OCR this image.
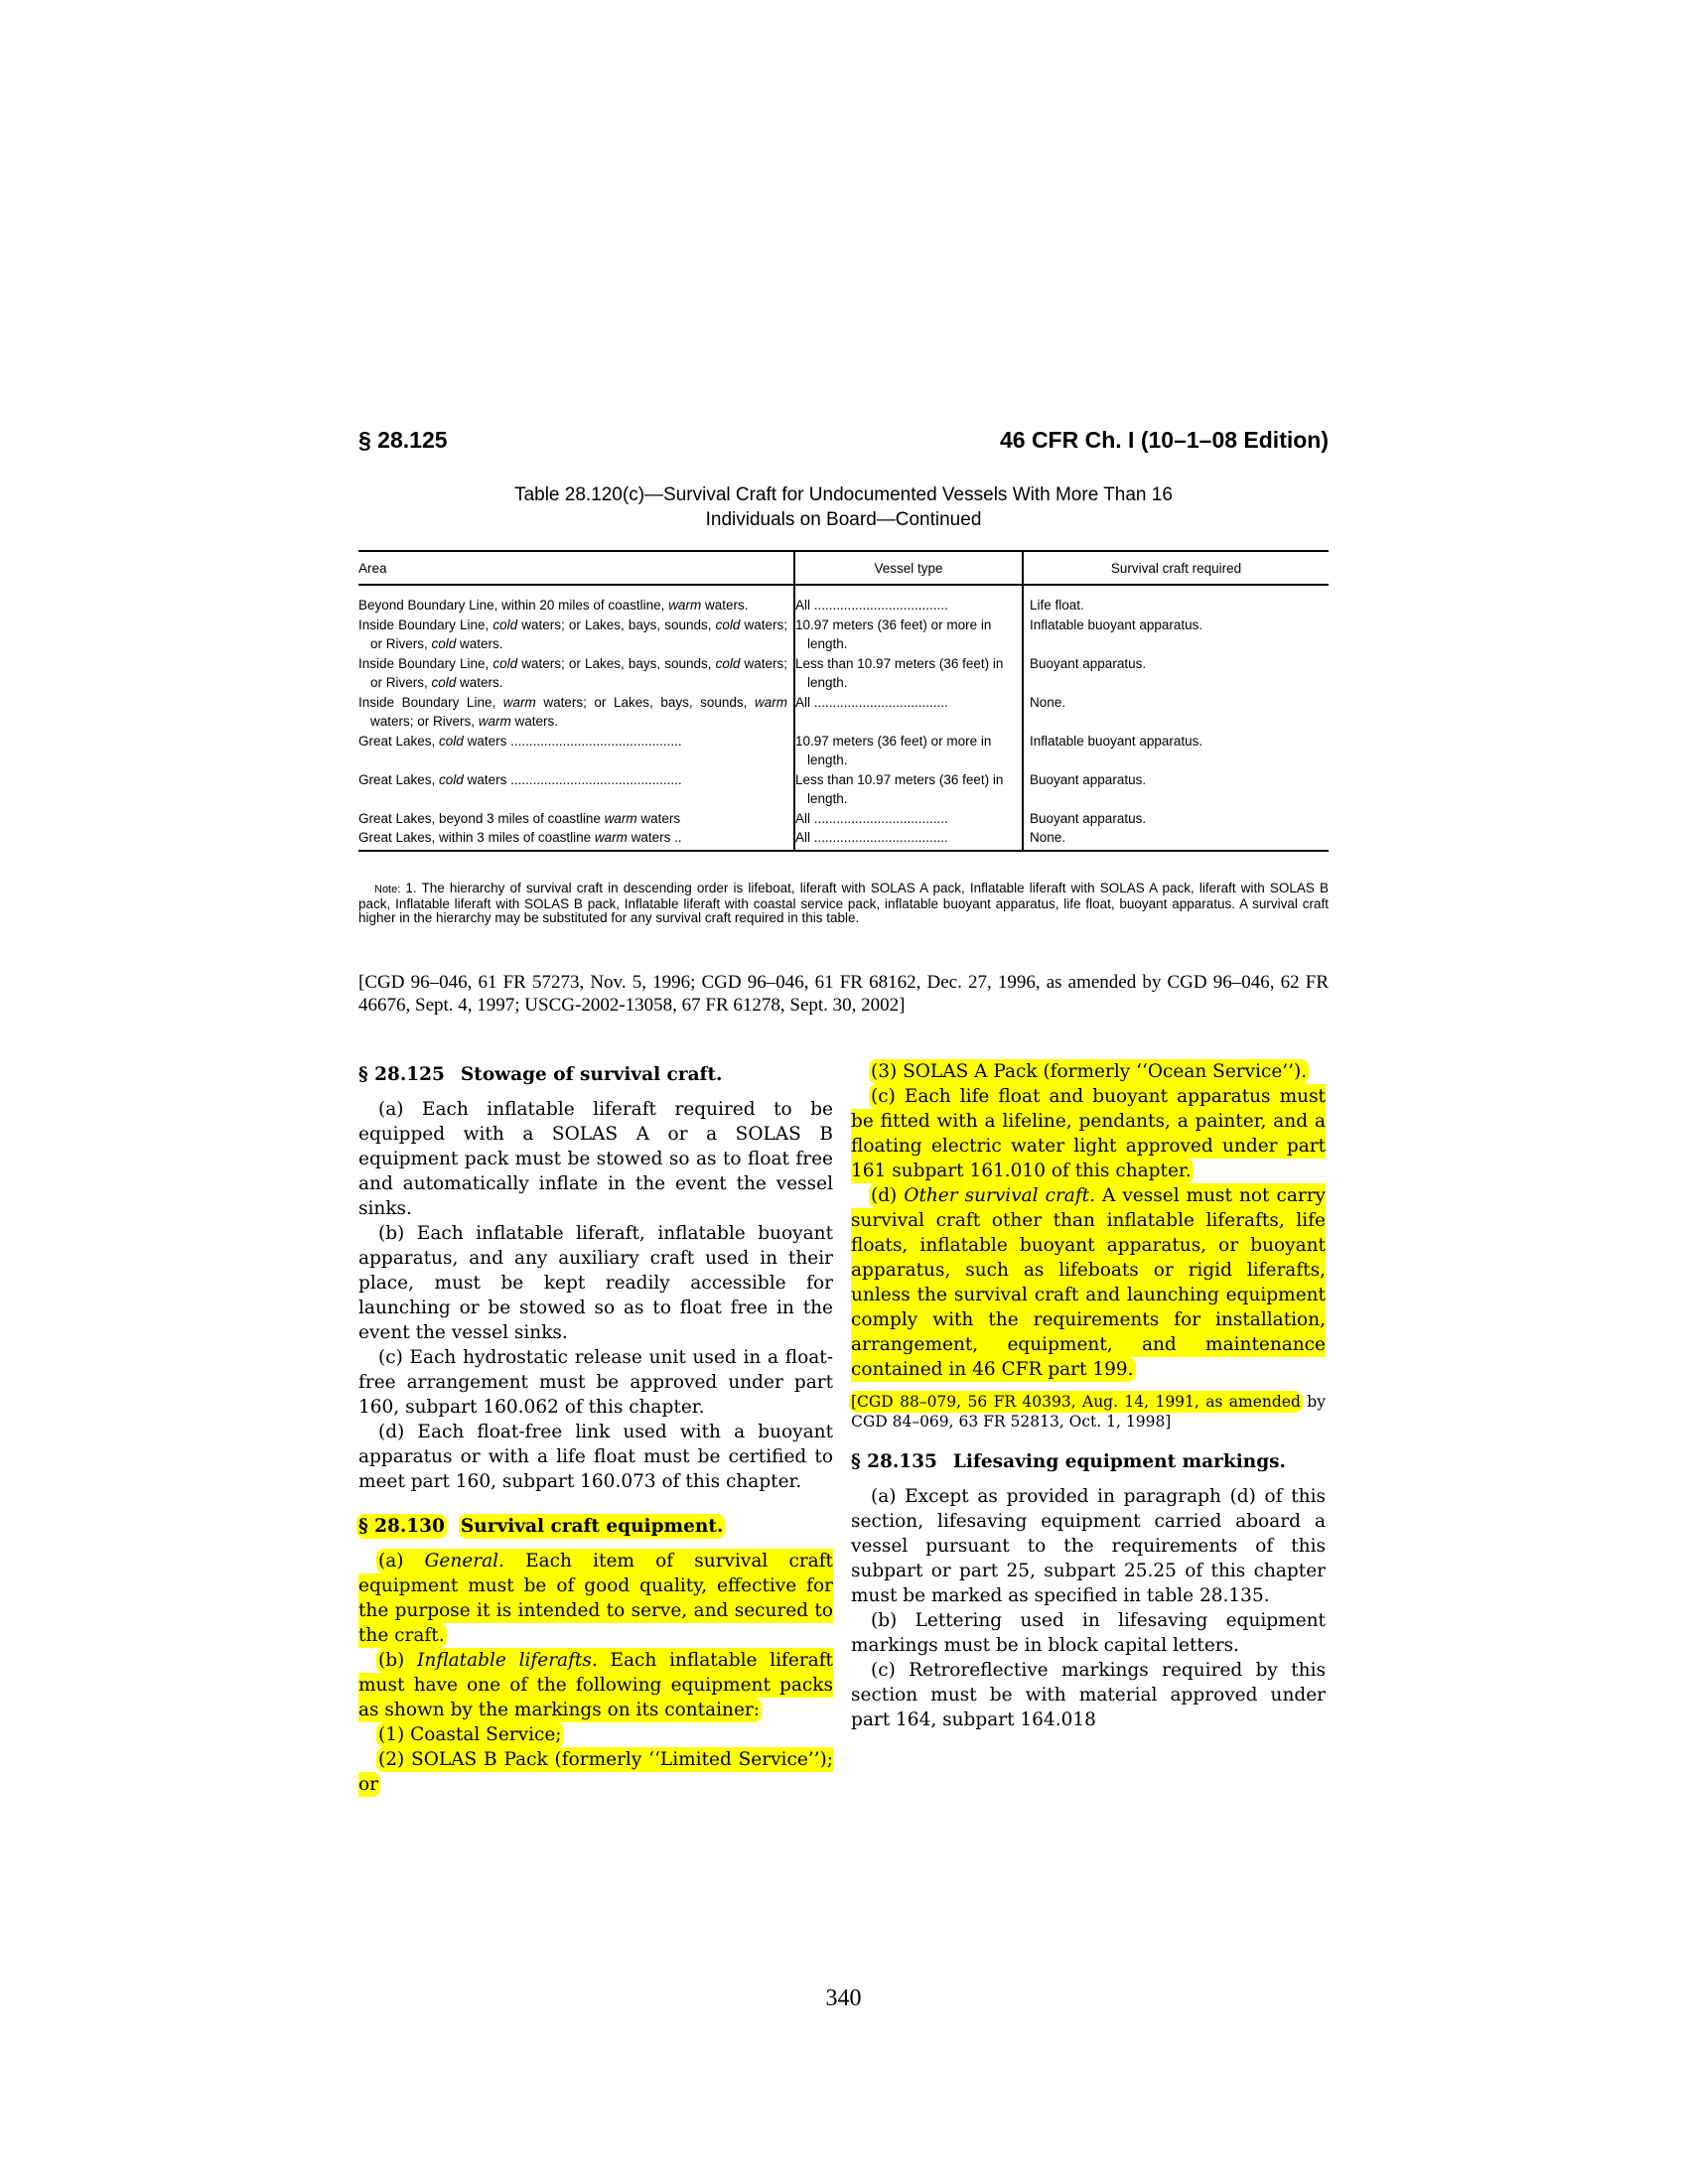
§ 28.125	46 CFR Ch. I (10–1–08 Edition)
Table 28.120(c)—Survival Craft for Undocumented Vessels With More Than 16
Individuals on Board—Continued
Area	Vessel type	Survival craft required
Beyond Boundary Line, within 20 miles of coastline, warm waters.	All ....................................	Life float.
Inside Boundary Line, cold waters; or Lakes, bays, sounds, cold waters; or Rivers, cold waters.	10.97 meters (36 feet) or more in length.	Inflatable buoyant apparatus.
Inside Boundary Line, cold waters; or Lakes, bays, sounds, cold waters; or Rivers, cold waters.	Less than 10.97 meters (36 feet) in length.	Buoyant apparatus.
Inside Boundary Line, warm waters; or Lakes, bays, sounds, warm waters; or Rivers, warm waters.	All ....................................	None.
Great Lakes, cold waters ..............................................	10.97 meters (36 feet) or more in length.	Inflatable buoyant apparatus.
Great Lakes, cold waters ..............................................	Less than 10.97 meters (36 feet) in length.	Buoyant apparatus.
Great Lakes, beyond 3 miles of coastline warm waters	All ....................................	Buoyant apparatus.
Great Lakes, within 3 miles of coastline warm waters ..	All ....................................	None.
Note: 1. The hierarchy of survival craft in descending order is lifeboat, liferaft with SOLAS A pack, Inflatable liferaft with SOLAS A pack, liferaft with SOLAS B pack, Inflatable liferaft with SOLAS B pack, Inflatable liferaft with coastal service pack, inflatable buoyant apparatus, life float, buoyant apparatus. A survival craft higher in the hierarchy may be substituted for any survival craft required in this table.
[CGD 96–046, 61 FR 57273, Nov. 5, 1996; CGD 96–046, 61 FR 68162, Dec. 27, 1996, as amended by CGD 96–046, 62 FR 46676, Sept. 4, 1997; USCG-2002-13058, 67 FR 61278, Sept. 30, 2002]

§ 28.125 Stowage of survival craft.

(a) Each inflatable liferaft required to be equipped with a SOLAS A or a SOLAS B equipment pack must be stowed so as to float free and automatically inflate in the event the vessel sinks.

(b) Each inflatable liferaft, inflatable buoyant apparatus, and any auxiliary craft used in their place, must be kept readily accessible for launching or be stowed so as to float free in the event the vessel sinks.

(c) Each hydrostatic release unit used in a float-free arrangement must be approved under part 160, subpart 160.062 of this chapter.

(d) Each float-free link used with a buoyant apparatus or with a life float must be certified to meet part 160, subpart 160.073 of this chapter.

§ 28.130 Survival craft equipment.

(a) General. Each item of survival craft equipment must be of good quality, effective for the purpose it is intended to serve, and secured to the craft.

(b) Inflatable liferafts. Each inflatable liferaft must have one of the following equipment packs as shown by the markings on its container:

(1) Coastal Service;

(2) SOLAS B Pack (formerly ‘‘Limited Service’’); or

(3) SOLAS A Pack (formerly ‘‘Ocean Service’’).

(c) Each life float and buoyant apparatus must be fitted with a lifeline, pendants, a painter, and a floating electric water light approved under part 161 subpart 161.010 of this chapter.

(d) Other survival craft. A vessel must not carry survival craft other than inflatable liferafts, life floats, inflatable buoyant apparatus, or buoyant apparatus, such as lifeboats or rigid liferafts, unless the survival craft and launching equipment comply with the requirements for installation, arrangement, equipment, and maintenance contained in 46 CFR part 199.

[CGD 88–079, 56 FR 40393, Aug. 14, 1991, as amended by CGD 84–069, 63 FR 52813, Oct. 1, 1998]

§ 28.135 Lifesaving equipment markings.

(a) Except as provided in paragraph (d) of this section, lifesaving equipment carried aboard a vessel pursuant to the requirements of this subpart or part 25, subpart 25.25 of this chapter must be marked as specified in table 28.135.

(b) Lettering used in lifesaving equipment markings must be in block capital letters.

(c) Retroreflective markings required by this section must be with material approved under part 164, subpart 164.018

340
